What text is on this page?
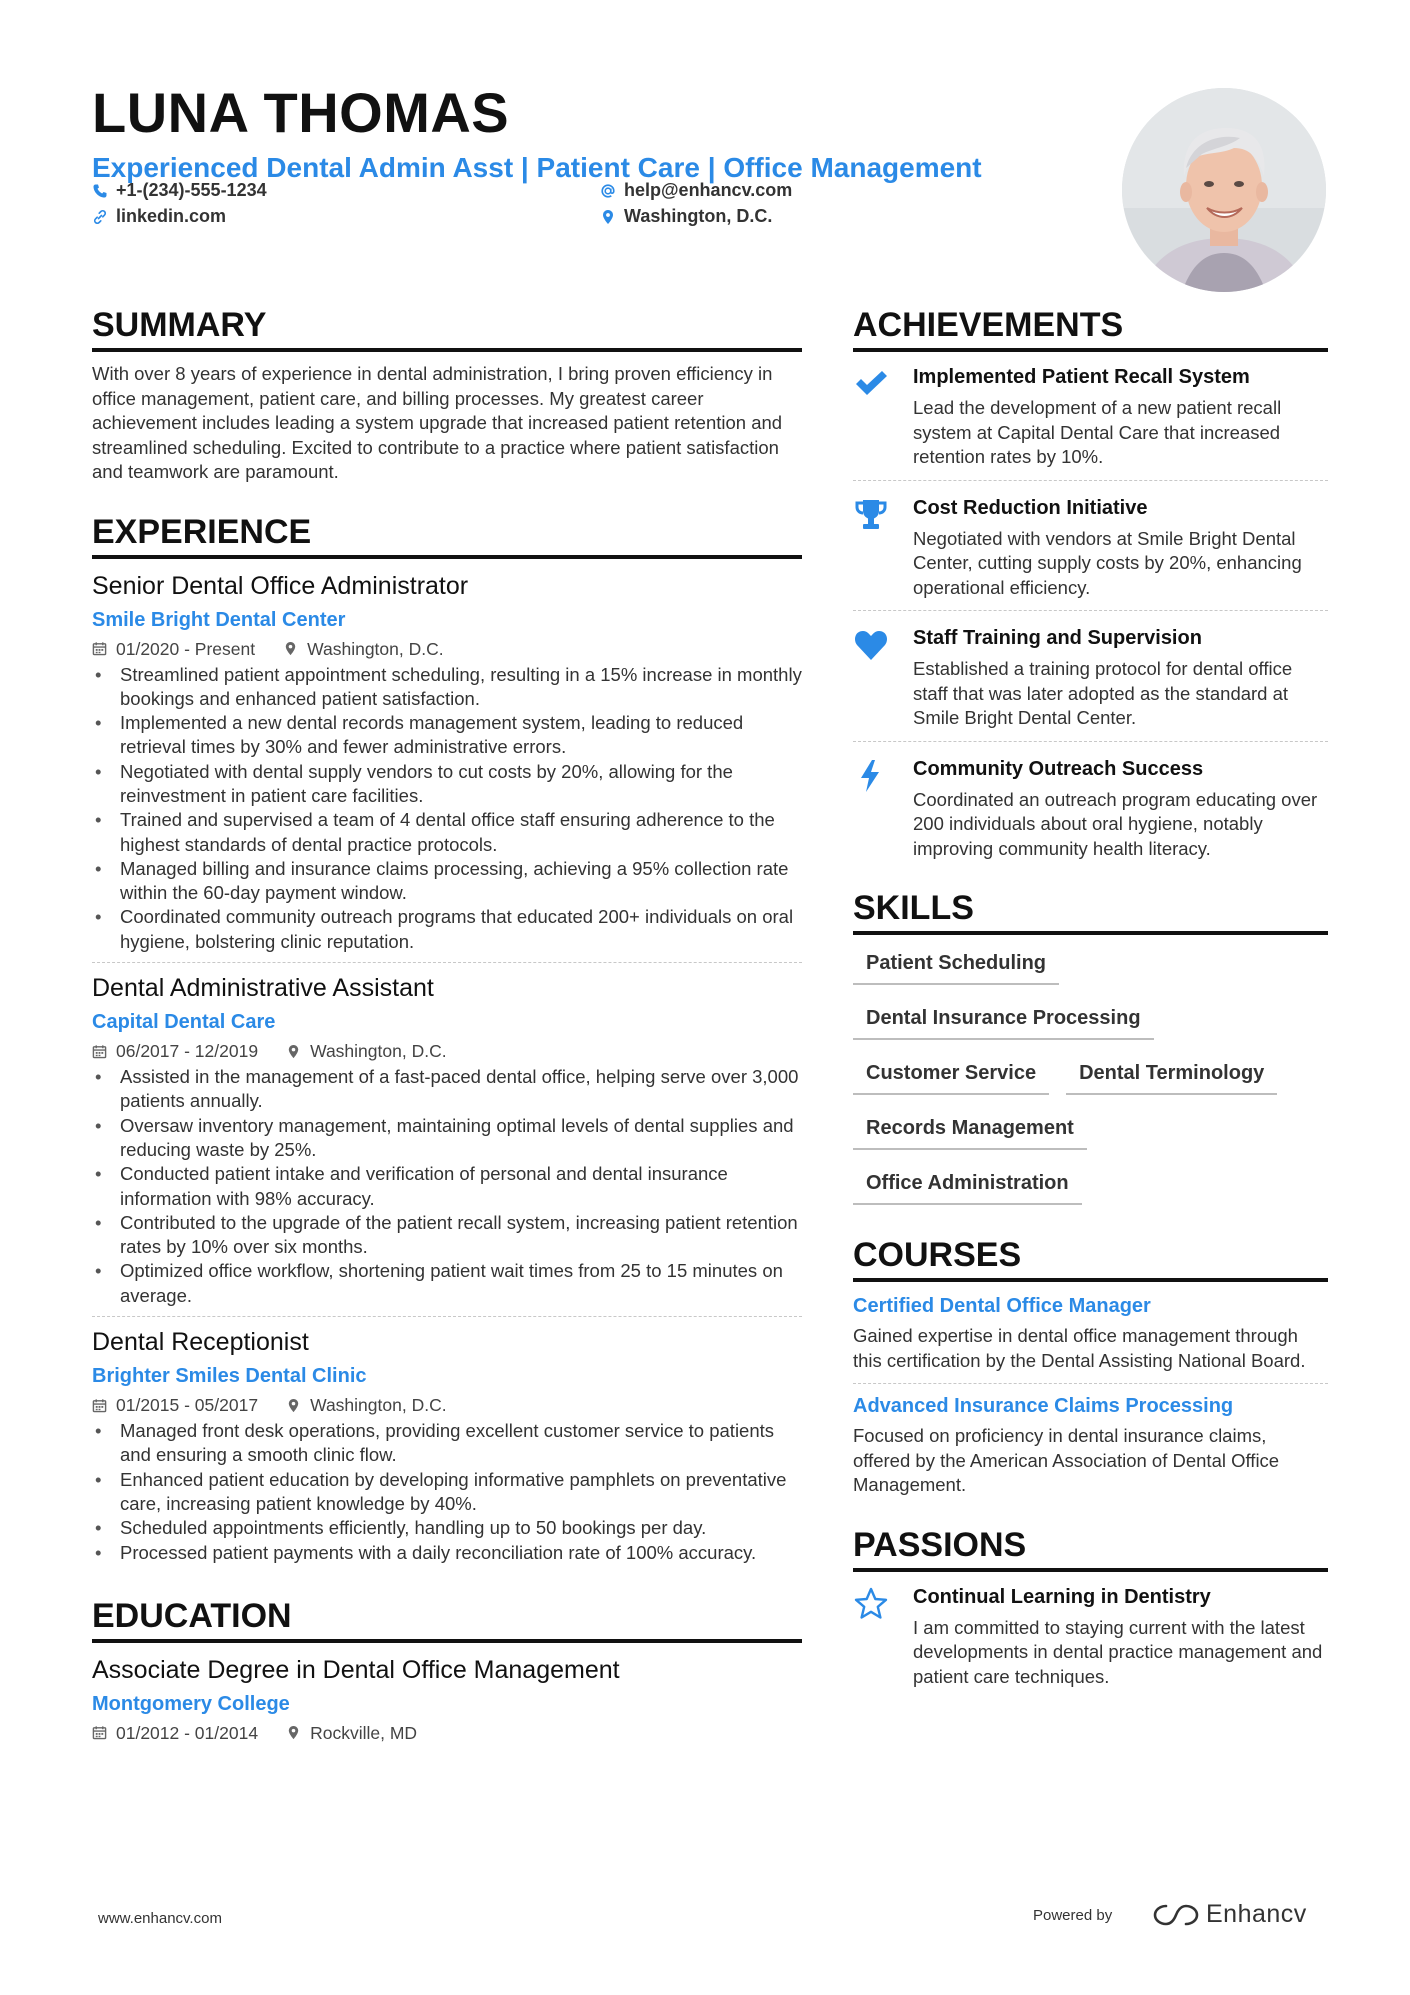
LUNA THOMAS
Experienced Dental Admin Asst | Patient Care | Office Management
+1-(234)-555-1234	help@enhancv.com
linkedin.com	Washington, D.C.
SUMMARY
With over 8 years of experience in dental administration, I bring proven efficiency in office management, patient care, and billing processes. My greatest career achievement includes leading a system upgrade that increased patient retention and streamlined scheduling. Excited to contribute to a practice where patient satisfaction and teamwork are paramount.
EXPERIENCE
Senior Dental Office Administrator
Smile Bright Dental Center
01/2020 - Present	Washington, D.C.
• Streamlined patient appointment scheduling, resulting in a 15% increase in monthly bookings and enhanced patient satisfaction.
• Implemented a new dental records management system, leading to reduced retrieval times by 30% and fewer administrative errors.
• Negotiated with dental supply vendors to cut costs by 20%, allowing for the reinvestment in patient care facilities.
• Trained and supervised a team of 4 dental office staff ensuring adherence to the highest standards of dental practice protocols.
• Managed billing and insurance claims processing, achieving a 95% collection rate within the 60-day payment window.
• Coordinated community outreach programs that educated 200+ individuals on oral hygiene, bolstering clinic reputation.
Dental Administrative Assistant
Capital Dental Care
06/2017 - 12/2019	Washington, D.C.
• Assisted in the management of a fast-paced dental office, helping serve over 3,000 patients annually.
• Oversaw inventory management, maintaining optimal levels of dental supplies and reducing waste by 25%.
• Conducted patient intake and verification of personal and dental insurance information with 98% accuracy.
• Contributed to the upgrade of the patient recall system, increasing patient retention rates by 10% over six months.
• Optimized office workflow, shortening patient wait times from 25 to 15 minutes on average.
Dental Receptionist
Brighter Smiles Dental Clinic
01/2015 - 05/2017	Washington, D.C.
• Managed front desk operations, providing excellent customer service to patients and ensuring a smooth clinic flow.
• Enhanced patient education by developing informative pamphlets on preventative care, increasing patient knowledge by 40%.
• Scheduled appointments efficiently, handling up to 50 bookings per day.
• Processed patient payments with a daily reconciliation rate of 100% accuracy.
EDUCATION
Associate Degree in Dental Office Management
Montgomery College
01/2012 - 01/2014	Rockville, MD
ACHIEVEMENTS
Implemented Patient Recall System
Lead the development of a new patient recall system at Capital Dental Care that increased retention rates by 10%.
Cost Reduction Initiative
Negotiated with vendors at Smile Bright Dental Center, cutting supply costs by 20%, enhancing operational efficiency.
Staff Training and Supervision
Established a training protocol for dental office staff that was later adopted as the standard at Smile Bright Dental Center.
Community Outreach Success
Coordinated an outreach program educating over 200 individuals about oral hygiene, notably improving community health literacy.
SKILLS
Patient Scheduling
Dental Insurance Processing
Customer Service	Dental Terminology
Records Management
Office Administration
COURSES
Certified Dental Office Manager
Gained expertise in dental office management through this certification by the Dental Assisting National Board.
Advanced Insurance Claims Processing
Focused on proficiency in dental insurance claims, offered by the American Association of Dental Office Management.
PASSIONS
Continual Learning in Dentistry
I am committed to staying current with the latest developments in dental practice management and patient care techniques.
www.enhancv.com	Powered by	Enhancv
